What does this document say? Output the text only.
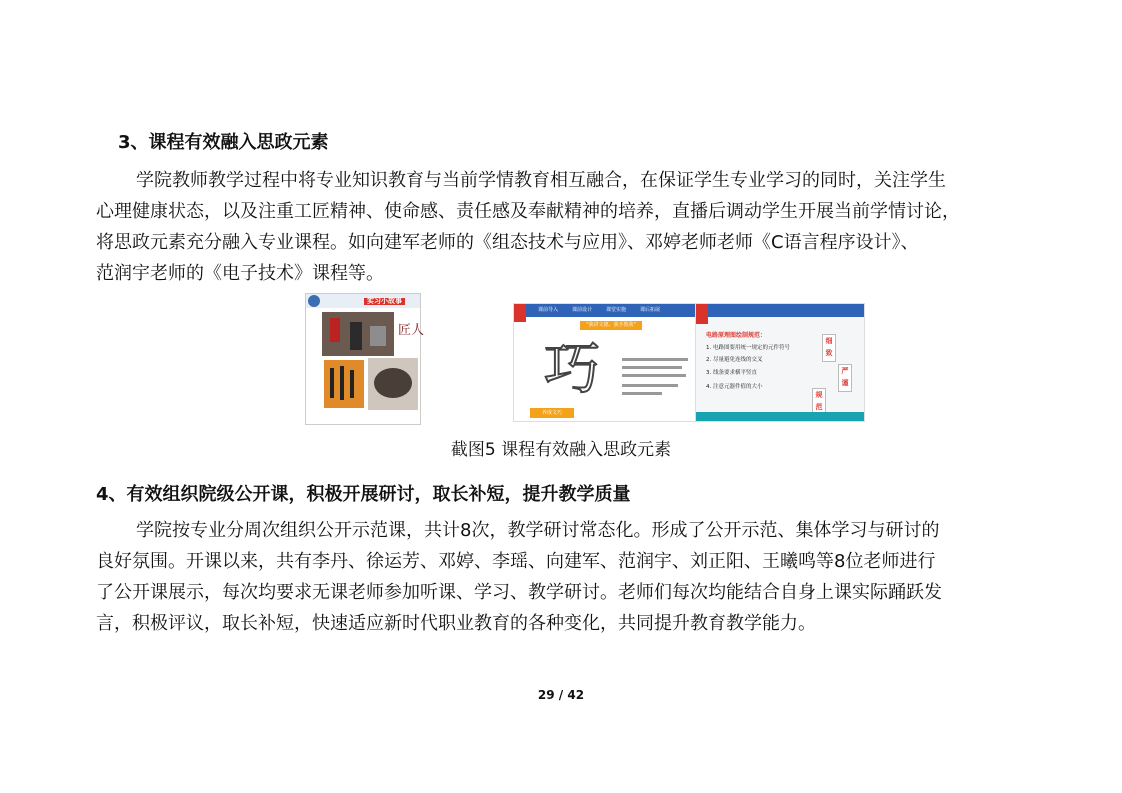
3、课程有效融入思政元素
学院教师教学过程中将专业知识教育与当前学情教育相互融合，在保证学生专业学习的同时，关注学生
心理健康状态，以及注重工匠精神、使命感、责任感及奉献精神的培养，直播后调动学生开展当前学情讨论，
将思政元素充分融入专业课程。如向建军老师的《组态技术与应用》、邓婷老师老师《C语言程序设计》、
范润宇老师的《电子技术》课程等。
实习小故事
匠人
课前导入	课前设计	课堂实施	课后拓展
"我讲文德、我手教我"
巧
养成文巧
电路原理图绘制规范：
1. 电路图要用统一规定的元件符号
2. 尽量避免连线的交叉
3. 线条要求横平竖直
4. 注意元器件值的大小
细致
严谨
规范
截图5 课程有效融入思政元素
4、有效组织院级公开课，积极开展研讨，取长补短，提升教学质量
学院按专业分周次组织公开示范课，共计8次，教学研讨常态化。形成了公开示范、集体学习与研讨的
良好氛围。开课以来，共有李丹、徐运芳、邓婷、李瑶、向建军、范润宇、刘正阳、王曦鸣等8位老师进行
了公开课展示，每次均要求无课老师参加听课、学习、教学研讨。老师们每次均能结合自身上课实际踊跃发
言，积极评议，取长补短，快速适应新时代职业教育的各种变化，共同提升教育教学能力。
29 / 42
